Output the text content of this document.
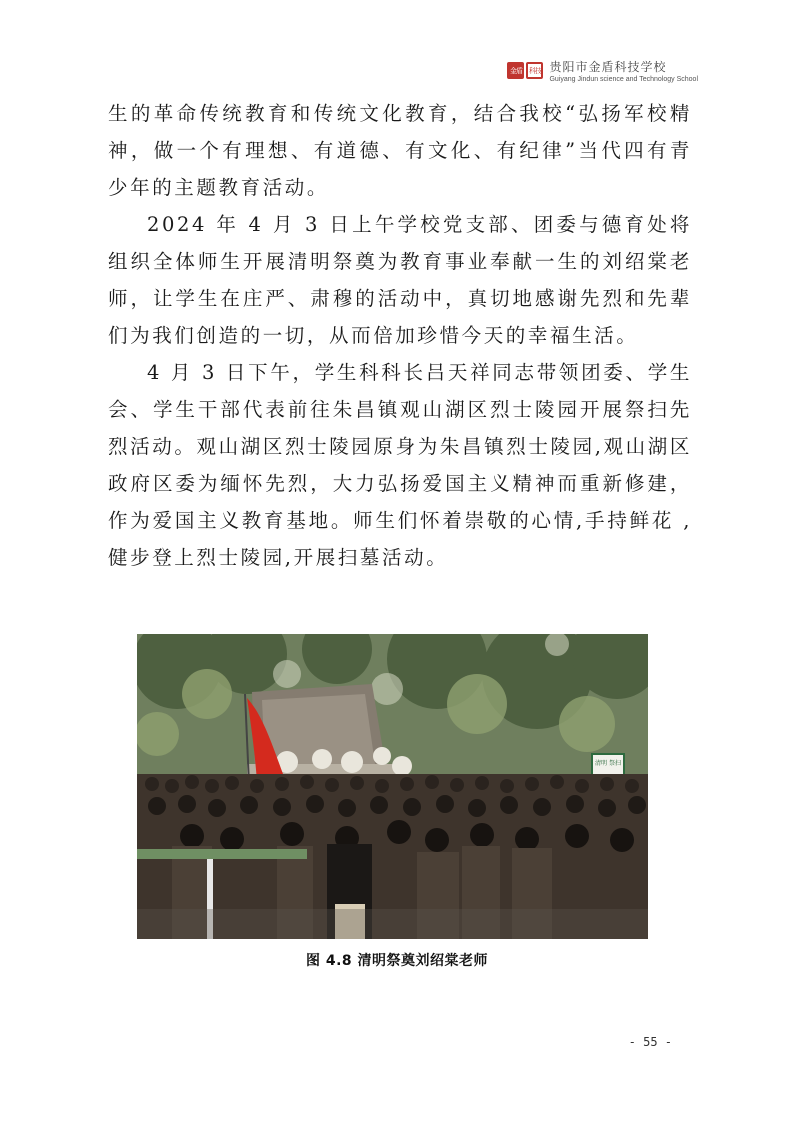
金盾	科技 贵阳市金盾科技学校
Guiyang Jindun science and Technology School

生的革命传统教育和传统文化教育，结合我校“弘扬军校精神，做一个有理想、有道德、有文化、有纪律”当代四有青少年的主题教育活动。

2024 年 4 月 3 日上午学校党支部、团委与德育处将组织全体师生开展清明祭奠为教育事业奉献一生的刘绍棠老师，让学生在庄严、肃穆的活动中，真切地感谢先烈和先辈们为我们创造的一切，从而倍加珍惜今天的幸福生活。

4 月 3 日下午，学生科科长吕天祥同志带领团委、学生会、学生干部代表前往朱昌镇观山湖区烈士陵园开展祭扫先烈活动。观山湖区烈士陵园原身为朱昌镇烈士陵园,观山湖区政府区委为缅怀先烈，大力弘扬爱国主义精神而重新修建，作为爱国主义教育基地。师生们怀着崇敬的心情,手持鲜花 ,健步登上烈士陵园,开展扫墓活动。

清明 祭扫
图 4.8 清明祭奠刘绍棠老师
- 55 -
